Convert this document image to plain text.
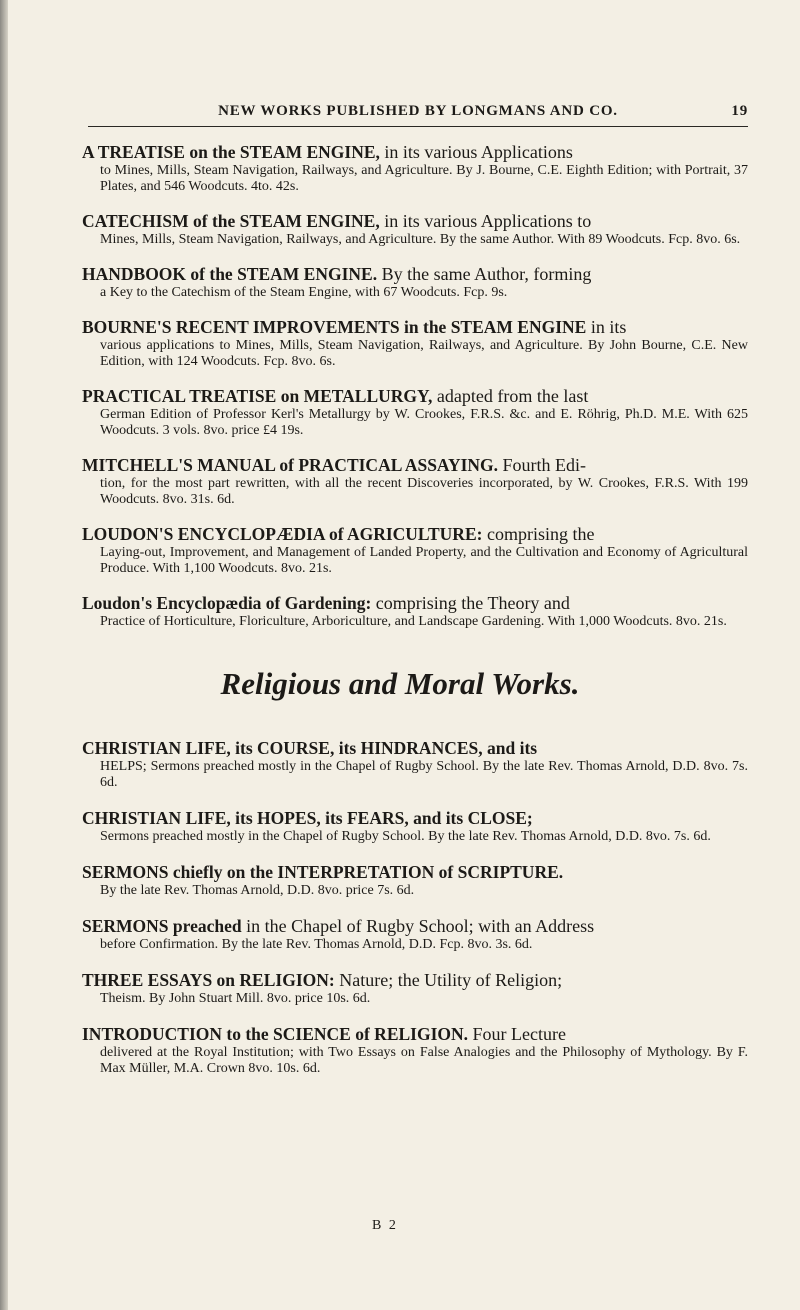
NEW WORKS PUBLISHED BY LONGMANS AND CO.	19

A TREATISE on the STEAM ENGINE, in its various Applications

to Mines, Mills, Steam Navigation, Railways, and Agriculture. By J. Bourne, C.E. Eighth Edition; with Portrait, 37 Plates, and 546 Woodcuts. 4to. 42s.

CATECHISM of the STEAM ENGINE, in its various Applications to

Mines, Mills, Steam Navigation, Railways, and Agriculture. By the same Author. With 89 Woodcuts. Fcp. 8vo. 6s.

HANDBOOK of the STEAM ENGINE. By the same Author, forming

a Key to the Catechism of the Steam Engine, with 67 Woodcuts. Fcp. 9s.

BOURNE'S RECENT IMPROVEMENTS in the STEAM ENGINE in its

various applications to Mines, Mills, Steam Navigation, Railways, and Agriculture. By John Bourne, C.E. New Edition, with 124 Woodcuts. Fcp. 8vo. 6s.

PRACTICAL TREATISE on METALLURGY, adapted from the last

German Edition of Professor Kerl's Metallurgy by W. Crookes, F.R.S. &c. and E. Röhrig, Ph.D. M.E. With 625 Woodcuts. 3 vols. 8vo. price £4 19s.

MITCHELL'S MANUAL of PRACTICAL ASSAYING. Fourth Edi-

tion, for the most part rewritten, with all the recent Discoveries incorporated, by W. Crookes, F.R.S. With 199 Woodcuts. 8vo. 31s. 6d.

LOUDON'S ENCYCLOPÆDIA of AGRICULTURE: comprising the

Laying-out, Improvement, and Management of Landed Property, and the Cultivation and Economy of Agricultural Produce. With 1,100 Woodcuts. 8vo. 21s.

Loudon's Encyclopædia of Gardening: comprising the Theory and

Practice of Horticulture, Floriculture, Arboriculture, and Landscape Gardening. With 1,000 Woodcuts. 8vo. 21s.

Religious and Moral Works.

CHRISTIAN LIFE, its COURSE, its HINDRANCES, and its

HELPS; Sermons preached mostly in the Chapel of Rugby School. By the late Rev. Thomas Arnold, D.D. 8vo. 7s. 6d.

CHRISTIAN LIFE, its HOPES, its FEARS, and its CLOSE;

Sermons preached mostly in the Chapel of Rugby School. By the late Rev. Thomas Arnold, D.D. 8vo. 7s. 6d.

SERMONS chiefly on the INTERPRETATION of SCRIPTURE.

By the late Rev. Thomas Arnold, D.D. 8vo. price 7s. 6d.

SERMONS preached in the Chapel of Rugby School; with an Address

before Confirmation. By the late Rev. Thomas Arnold, D.D. Fcp. 8vo. 3s. 6d.

THREE ESSAYS on RELIGION: Nature; the Utility of Religion;

Theism. By John Stuart Mill. 8vo. price 10s. 6d.

INTRODUCTION to the SCIENCE of RELIGION. Four Lecture

delivered at the Royal Institution; with Two Essays on False Analogies and the Philosophy of Mythology. By F. Max Müller, M.A. Crown 8vo. 10s. 6d.

B 2
